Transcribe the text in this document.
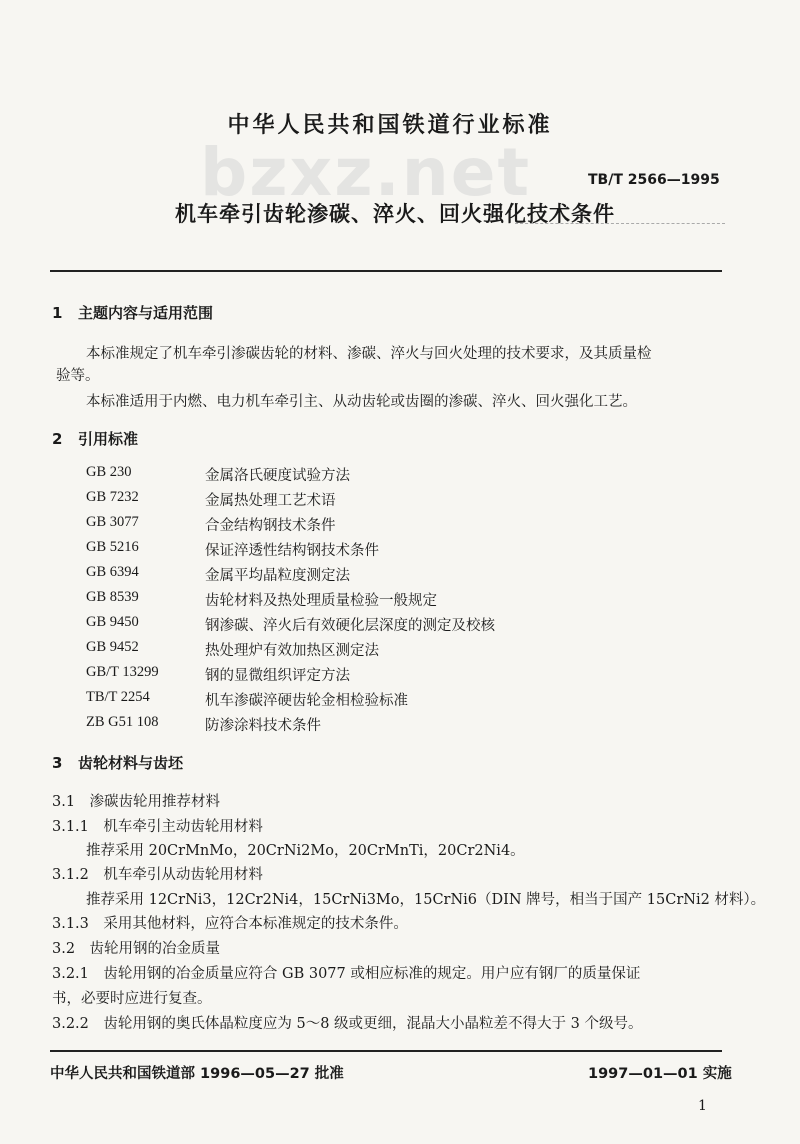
bzxz.net
中华人民共和国铁道行业标准
TB/T 2566—1995
机车牵引齿轮渗碳、淬火、回火强化技术条件
1 主题内容与适用范围
本标准规定了机车牵引渗碳齿轮的材料、渗碳、淬火与回火处理的技术要求，及其质量检
验等。
本标准适用于内燃、电力机车牵引主、从动齿轮或齿圈的渗碳、淬火、回火强化工艺。
2 引用标准
GB 230	金属洛氏硬度试验方法
GB 7232	金属热处理工艺术语
GB 3077	合金结构钢技术条件
GB 5216	保证淬透性结构钢技术条件
GB 6394	金属平均晶粒度测定法
GB 8539	齿轮材料及热处理质量检验一般规定
GB 9450	钢渗碳、淬火后有效硬化层深度的测定及校核
GB 9452	热处理炉有效加热区测定法
GB/T 13299	钢的显微组织评定方法
TB/T 2254	机车渗碳淬硬齿轮金相检验标准
ZB G51 108	防渗涂料技术条件
3 齿轮材料与齿坯
3.1　渗碳齿轮用推荐材料
3.1.1　机车牵引主动齿轮用材料
推荐采用 20CrMnMo，20CrNi2Mo，20CrMnTi，20Cr2Ni4。
3.1.2　机车牵引从动齿轮用材料
推荐采用 12CrNi3，12Cr2Ni4，15CrNi3Mo，15CrNi6（DIN 牌号，相当于国产 15CrNi2 材料）。
3.1.3　采用其他材料，应符合本标准规定的技术条件。
3.2　齿轮用钢的冶金质量
3.2.1　齿轮用钢的冶金质量应符合 GB 3077 或相应标准的规定。用户应有钢厂的质量保证
书，必要时应进行复查。
3.2.2　齿轮用钢的奥氏体晶粒度应为 5～8 级或更细，混晶大小晶粒差不得大于 3 个级号。
中华人民共和国铁道部 1996—05—27 批准	1997—01—01 实施
1
